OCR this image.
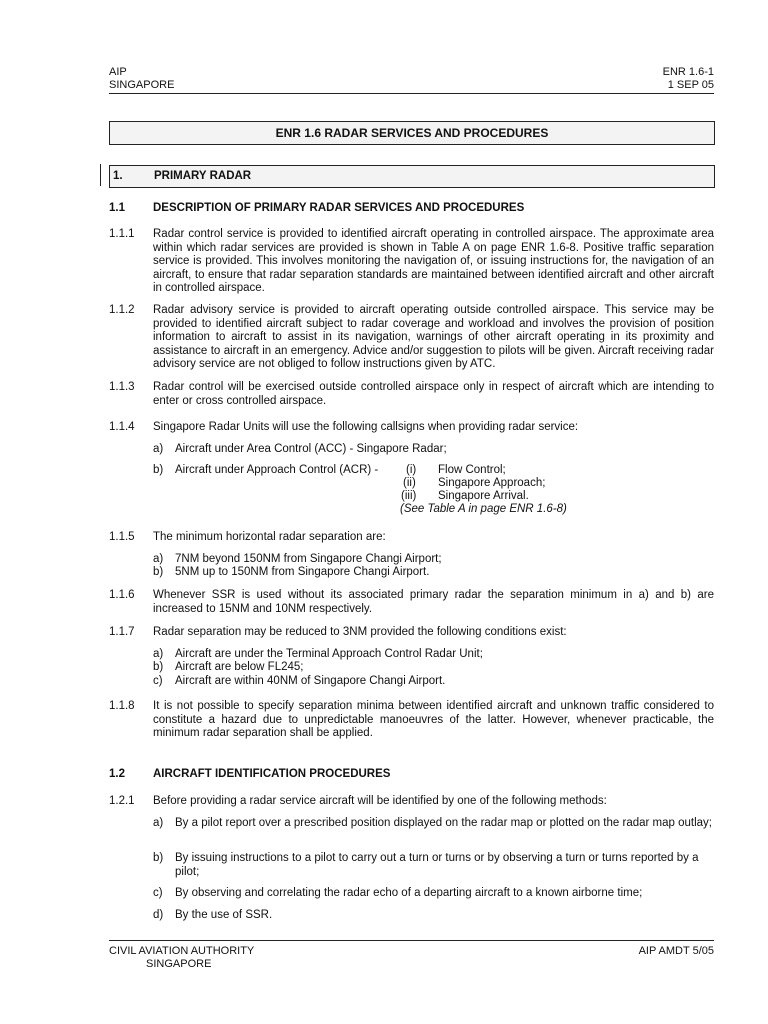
AIP
SINGAPORE
ENR 1.6-1
1 SEP 05
ENR 1.6 RADAR SERVICES AND PROCEDURES
1.	PRIMARY RADAR
1.1 DESCRIPTION OF PRIMARY RADAR SERVICES AND PROCEDURES
1.1.1 Radar control service is provided to identified aircraft operating in controlled airspace. The approximate area within which radar services are provided is shown in Table A on page ENR 1.6-8. Positive traffic separation service is provided. This involves monitoring the navigation of, or issuing instructions for, the navigation of an aircraft, to ensure that radar separation standards are maintained between identified aircraft and other aircraft in controlled airspace.
1.1.2 Radar advisory service is provided to aircraft operating outside controlled airspace. This service may be provided to identified aircraft subject to radar coverage and workload and involves the provision of position information to aircraft to assist in its navigation, warnings of other aircraft operating in its proximity and assistance to aircraft in an emergency. Advice and/or suggestion to pilots will be given. Aircraft receiving radar advisory service are not obliged to follow instructions given by ATC.
1.1.3 Radar control will be exercised outside controlled airspace only in respect of aircraft which are intending to enter or cross controlled airspace.
1.1.4 Singapore Radar Units will use the following callsigns when providing radar service:
a) Aircraft under Area Control (ACC) - Singapore Radar;
b) Aircraft under Approach Control (ACR) -	(i) Flow Control;
(ii) Singapore Approach;
(iii) Singapore Arrival.
(See Table A in page ENR 1.6-8)
1.1.5 The minimum horizontal radar separation are:
a) 7NM beyond 150NM from Singapore Changi Airport;
b) 5NM up to 150NM from Singapore Changi Airport.
1.1.6 Whenever SSR is used without its associated primary radar the separation minimum in a) and b) are increased to 15NM and 10NM respectively.
1.1.7 Radar separation may be reduced to 3NM provided the following conditions exist:
a) Aircraft are under the Terminal Approach Control Radar Unit;
b) Aircraft are below FL245;
c) Aircraft are within 40NM of Singapore Changi Airport.
1.1.8 It is not possible to specify separation minima between identified aircraft and unknown traffic considered to constitute a hazard due to unpredictable manoeuvres of the latter. However, whenever practicable, the minimum radar separation shall be applied.
1.2 AIRCRAFT IDENTIFICATION PROCEDURES
1.2.1 Before providing a radar service aircraft will be identified by one of the following methods:
a) By a pilot report over a prescribed position displayed on the radar map or plotted on the radar map outlay;
b) By issuing instructions to a pilot to carry out a turn or turns or by observing a turn or turns reported by a pilot;
c) By observing and correlating the radar echo of a departing aircraft to a known airborne time;
d) By the use of SSR.
CIVIL AVIATION AUTHORITY
SINGAPORE
AIP AMDT 5/05
